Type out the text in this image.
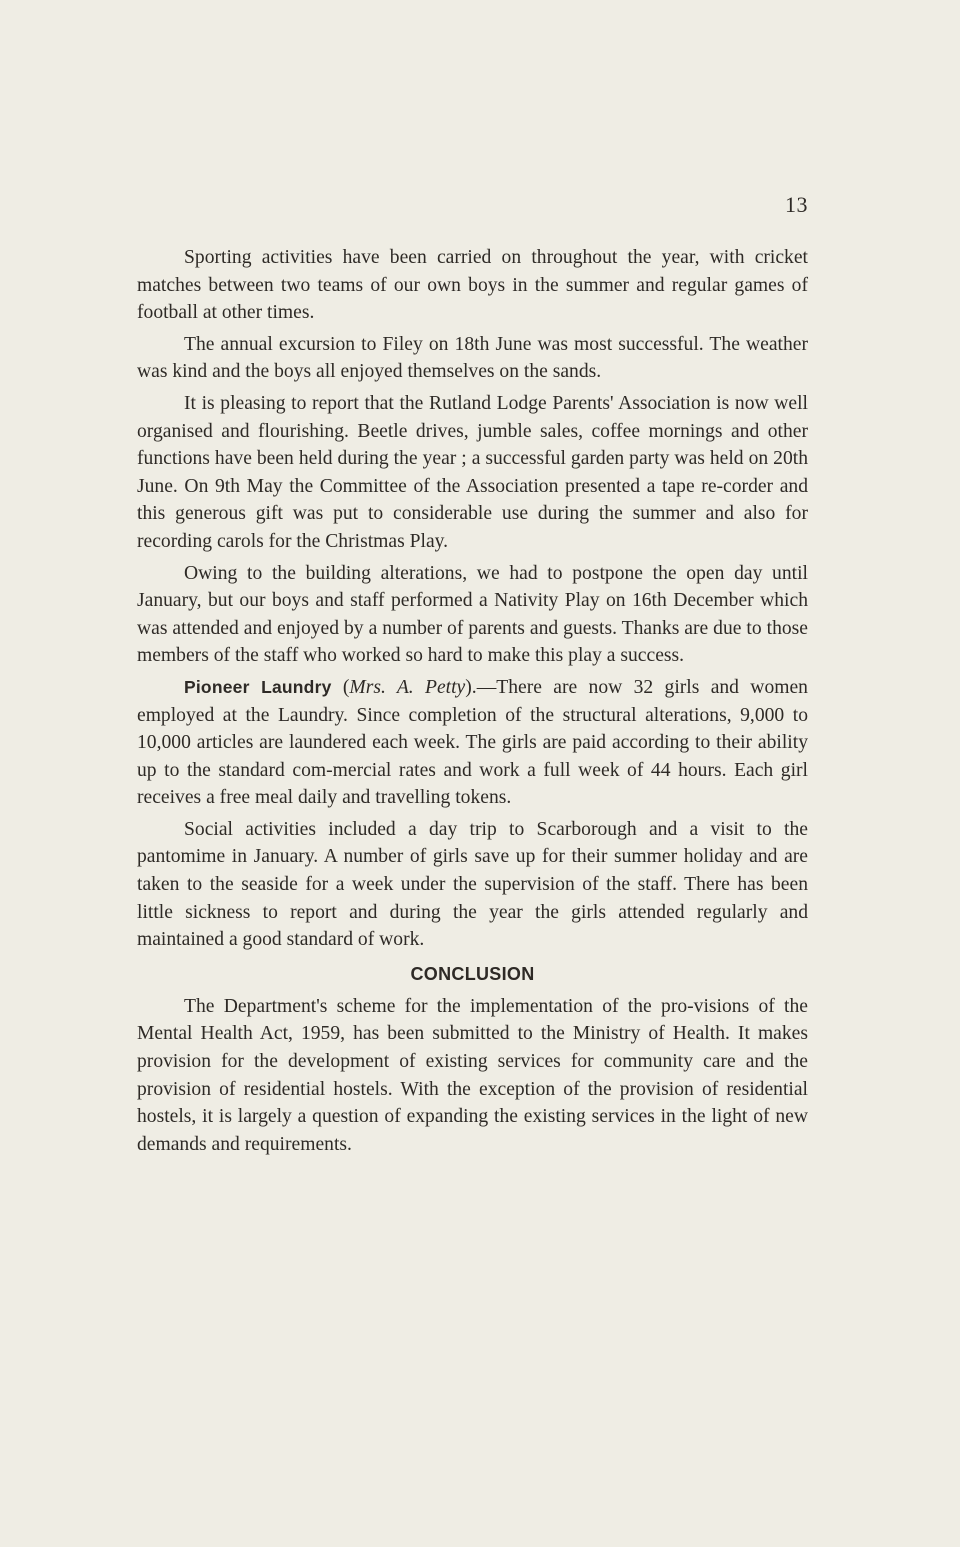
13

Sporting activities have been carried on throughout the year, with cricket matches between two teams of our own boys in the summer and regular games of football at other times.

The annual excursion to Filey on 18th June was most successful. The weather was kind and the boys all enjoyed themselves on the sands.

It is pleasing to report that the Rutland Lodge Parents' Association is now well organised and flourishing. Beetle drives, jumble sales, coffee mornings and other functions have been held during the year ; a successful garden party was held on 20th June. On 9th May the Committee of the Association presented a tape re-corder and this generous gift was put to considerable use during the summer and also for recording carols for the Christmas Play.

Owing to the building alterations, we had to postpone the open day until January, but our boys and staff performed a Nativity Play on 16th December which was attended and enjoyed by a number of parents and guests. Thanks are due to those members of the staff who worked so hard to make this play a success.

Pioneer Laundry (Mrs. A. Petty).—There are now 32 girls and women employed at the Laundry. Since completion of the structural alterations, 9,000 to 10,000 articles are laundered each week. The girls are paid according to their ability up to the standard com-mercial rates and work a full week of 44 hours. Each girl receives a free meal daily and travelling tokens.

Social activities included a day trip to Scarborough and a visit to the pantomime in January. A number of girls save up for their summer holiday and are taken to the seaside for a week under the supervision of the staff. There has been little sickness to report and during the year the girls attended regularly and maintained a good standard of work.

CONCLUSION

The Department's scheme for the implementation of the pro-visions of the Mental Health Act, 1959, has been submitted to the Ministry of Health. It makes provision for the development of existing services for community care and the provision of residential hostels. With the exception of the provision of residential hostels, it is largely a question of expanding the existing services in the light of new demands and requirements.
